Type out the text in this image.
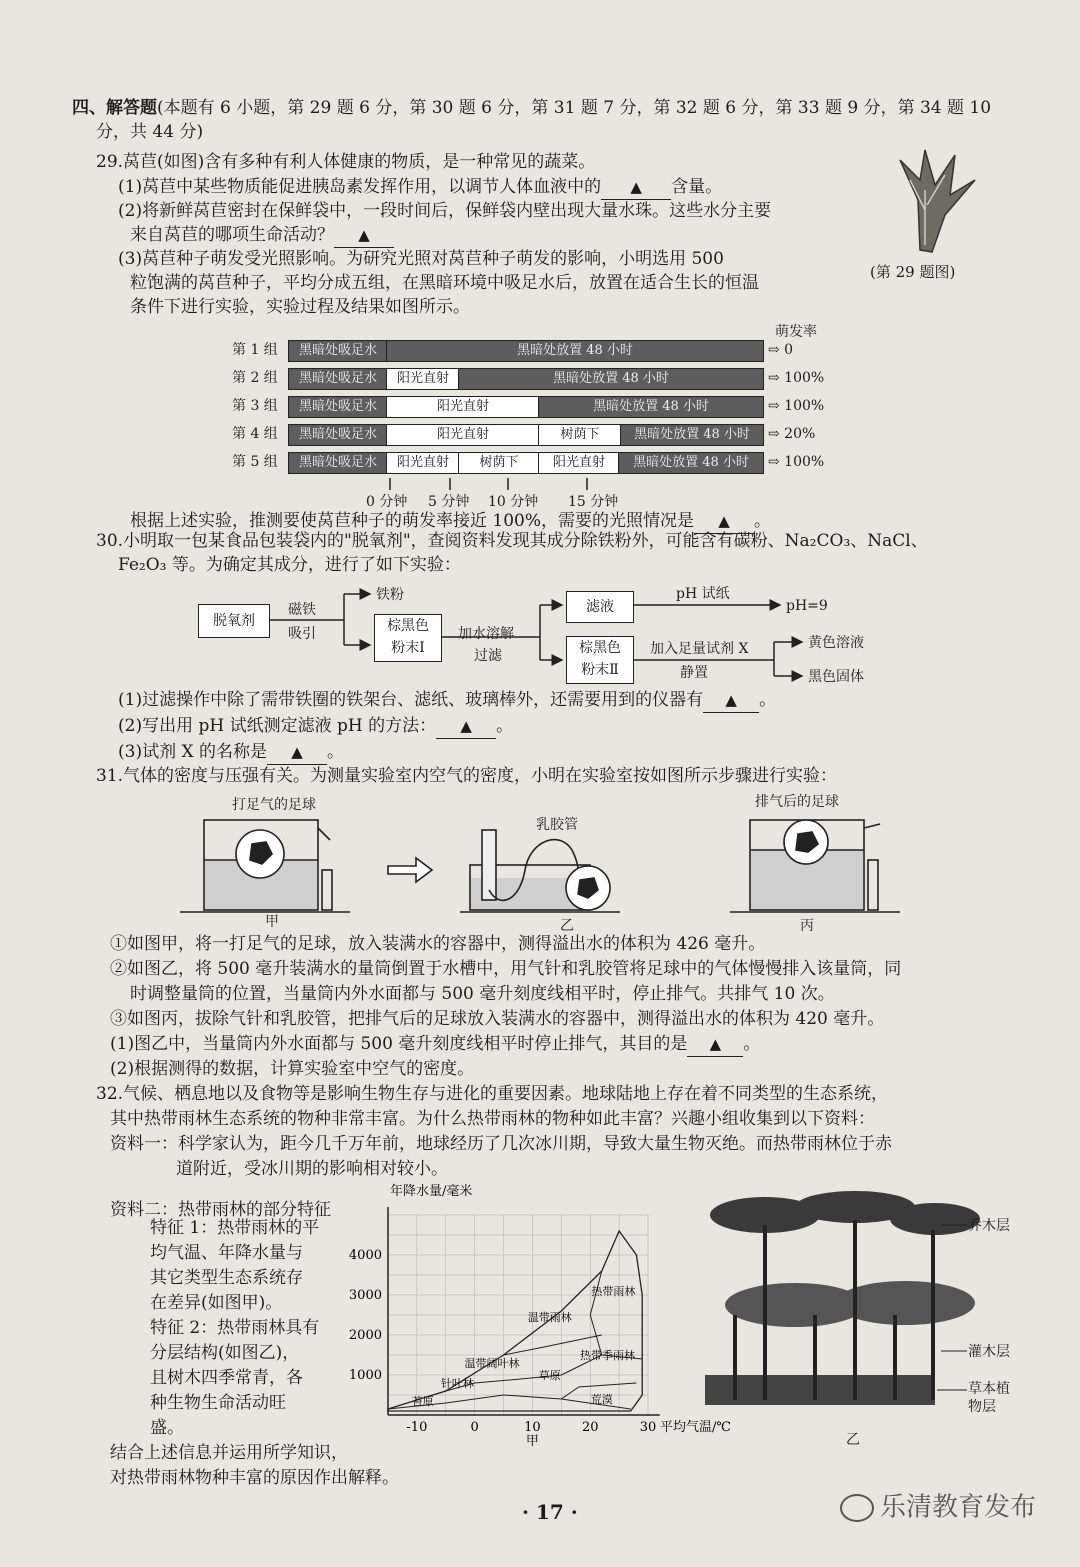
四、解答题(本题有 6 小题，第 29 题 6 分，第 30 题 6 分，第 31 题 7 分，第 32 题 6 分，第 33 题 9 分，第 34 题 10
分，共 44 分)
29.莴苣(如图)含有多种有利人体健康的物质，是一种常见的蔬菜。
(1)莴苣中某些物质能促进胰岛素发挥作用，以调节人体血液中的 ▲ 含量。
(2)将新鲜莴苣密封在保鲜袋中，一段时间后，保鲜袋内壁出现大量水珠。这些水分主要
来自莴苣的哪项生命活动？ ▲
(3)莴苣种子萌发受光照影响。为研究光照对莴苣种子萌发的影响，小明选用 500
粒饱满的莴苣种子，平均分成五组，在黑暗环境中吸足水后，放置在适合生长的恒温
条件下进行实验，实验过程及结果如图所示。
(第 29 题图)
萌发率
第 1 组	黑暗处吸足水	黑暗处放置 48 小时	⇨ 0
第 2 组	黑暗处吸足水	阳光直射	黑暗处放置 48 小时	⇨ 100%
第 3 组	黑暗处吸足水	阳光直射	黑暗处放置 48 小时	⇨ 100%
第 4 组	黑暗处吸足水	阳光直射	树荫下	黑暗处放置 48 小时	⇨ 20%
第 5 组	黑暗处吸足水	阳光直射	树荫下	阳光直射	黑暗处放置 48 小时	⇨ 100%
0 分钟 5 分钟 10 分钟 15 分钟
根据上述实验，推测要使莴苣种子的萌发率接近 100%，需要的光照情况是 ▲ 。
30.小明取一包某食品包装袋内的"脱氧剂"，查阅资料发现其成分除铁粉外，可能含有碳粉、Na₂CO₃、NaCl、
Fe₂O₃ 等。为确定其成分，进行了如下实验：
脱氧剂
磁铁
吸引
铁粉
棕黑色
粉末Ⅰ
加水溶解
过滤
滤液
pH 试纸
pH=9
棕黑色
粉末Ⅱ
加入足量试剂 X
静置
黄色溶液
黑色固体
(1)过滤操作中除了需带铁圈的铁架台、滤纸、玻璃棒外，还需要用到的仪器有 ▲ 。
(2)写出用 pH 试纸测定滤液 pH 的方法： ▲ 。
(3)试剂 X 的名称是 ▲ 。
31.气体的密度与压强有关。为测量实验室内空气的密度，小明在实验室按如图所示步骤进行实验：
打足气的足球
乳胶管
排气后的足球
甲	乙	丙
①如图甲，将一打足气的足球，放入装满水的容器中，测得溢出水的体积为 426 毫升。
②如图乙，将 500 毫升装满水的量筒倒置于水槽中，用气针和乳胶管将足球中的气体慢慢排入该量筒，同
时调整量筒的位置，当量筒内外水面都与 500 毫升刻度线相平时，停止排气。共排气 10 次。
③如图丙，拔除气针和乳胶管，把排气后的足球放入装满水的容器中，测得溢出水的体积为 420 毫升。
(1)图乙中，当量筒内外水面都与 500 毫升刻度线相平时停止排气，其目的是 ▲ 。
(2)根据测得的数据，计算实验室中空气的密度。
32.气候、栖息地以及食物等是影响生物生存与进化的重要因素。地球陆地上存在着不同类型的生态系统，
其中热带雨林生态系统的物种非常丰富。为什么热带雨林的物种如此丰富？兴趣小组收集到以下资料：
资料一：科学家认为，距今几千万年前，地球经历了几次冰川期，导致大量生物灭绝。而热带雨林位于赤
道附近，受冰川期的影响相对较小。
资料二：热带雨林的部分特征
特征 1：热带雨林的平
均气温、年降水量与
其它类型生态系统存
在差异(如图甲)。
特征 2：热带雨林具有
分层结构(如图乙)，
且树木四季常青，各
种生物生命活动旺
盛。
结合上述信息并运用所学知识，
对热带雨林物种丰富的原因作出解释。
-10	0	10	20	30
1000
2000
3000
4000
年降水量/毫米
平均气温/℃
甲
苔原
针叶林
温带阔叶林
温带雨林
草原
荒漠
热带季雨林
热带雨林
乔木层
灌木层
草本植物层
乙
· 17 ·	乐清教育发布
